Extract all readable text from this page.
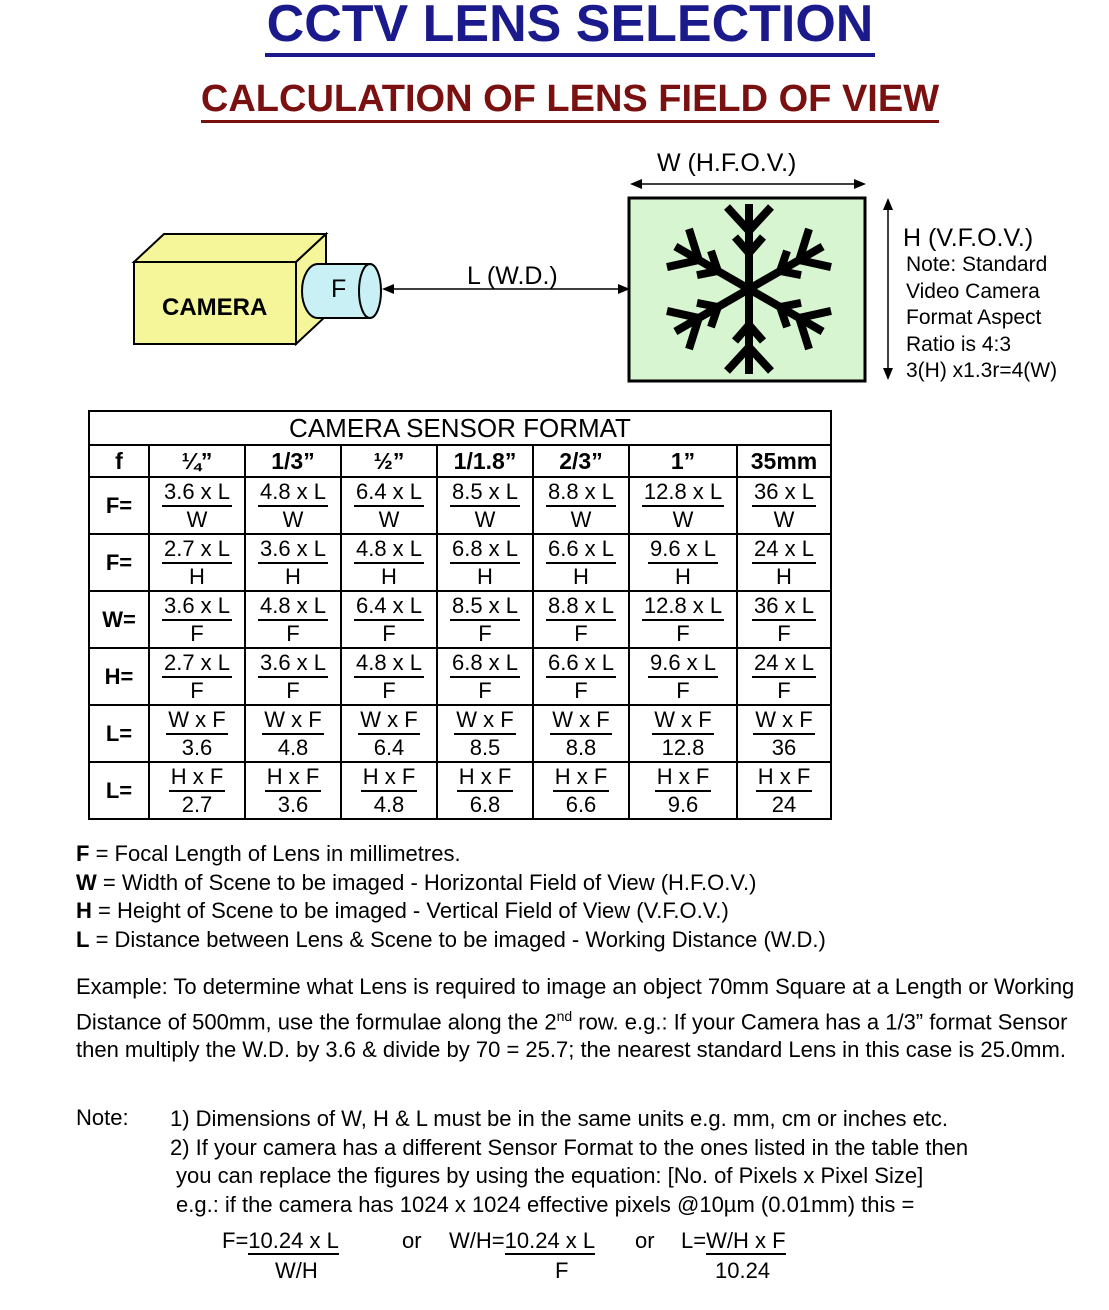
CCTV LENS SELECTION
CALCULATION OF LENS FIELD OF VIEW
CAMERA
F	L (W.D.)
W (H.F.O.V.)
H (V.F.O.V.)
Note: Standard
Video Camera
Format Aspect
Ratio is 4:3
3(H) x1.3r=4(W)
CAMERA SENSOR FORMAT							
f	¼”	1/3”	½”	1/1.8”	2/3”	1”	35mm
F=	$\frac{\text{3.6 x L}}{W}$	$\frac{\text{4.8 x L}}{W}$	$\frac{\text{6.4 x L}}{W}$	$\frac{\text{8.5 x L}}{W}$	$\frac{\text{8.8 x L}}{W}$	$\frac{\text{12.8 x L}}{W}$	$\frac{\text{36 x L}}{W}$

F=	$\frac{\text{2.7 x L}}{H}$	$\frac{\text{3.6 x L}}{H}$	$\frac{\text{4.8 x L}}{H}$	$\frac{\text{6.8 x L}}{H}$	$\frac{\text{6.6 x L}}{H}$	$\frac{\text{9.6 x L}}{H}$	$\frac{\text{24 x L}}{H}$

W=	$\frac{\text{3.6 x L}}{F}$	$\frac{\text{4.8 x L}}{F}$	$\frac{\text{6.4 x L}}{F}$	$\frac{\text{8.5 x L}}{F}$	$\frac{\text{8.8 x L}}{F}$	$\frac{\text{12.8 x L}}{F}$	$\frac{\text{36 x L}}{F}$

H=	$\frac{\text{2.7 x L}}{F}$	$\frac{\text{3.6 x L}}{F}$	$\frac{\text{4.8 x L}}{F}$	$\frac{\text{6.8 x L}}{F}$	$\frac{\text{6.6 x L}}{F}$	$\frac{\text{9.6 x L}}{F}$	$\frac{\text{24 x L}}{F}$

L=	$\frac{\text{W x F}}{3.6}$	$\frac{\text{W x F}}{4.8}$	$\frac{\text{W x F}}{6.4}$	$\frac{\text{W x F}}{8.5}$	$\frac{\text{W x F}}{8.8}$	$\frac{\text{W x F}}{12.8}$	$\frac{\text{W x F}}{36}$

L=	$\frac{\text{H x F}}{2.7}$	$\frac{\text{H x F}}{3.6}$	$\frac{\text{H x F}}{4.8}$	$\frac{\text{H x F}}{6.8}$	$\frac{\text{H x F}}{6.6}$	$\frac{\text{H x F}}{9.6}$	$\frac{\text{H x F}}{24}$
F = Focal Length of Lens in millimetres.
W = Width of Scene to be imaged - Horizontal Field of View (H.F.O.V.)
H = Height of Scene to be imaged - Vertical Field of View (V.F.O.V.)
L = Distance between Lens & Scene to be imaged - Working Distance (W.D.)
Example: To determine what Lens is required to image an object 70mm Square at a Length or Working Distance of 500mm, use the formulae along the 2nd row. e.g.: If your Camera has a 1/3” format Sensor then multiply the W.D. by 3.6 & divide by 70 = 25.7; the nearest standard Lens in this case is 25.0mm.
Note: 1) Dimensions of W, H & L must be in the same units e.g. mm, cm or inches etc.
2) If your camera has a different Sensor Format to the ones listed in the table then
you can replace the figures by using the equation: [No. of Pixels x Pixel Size]
e.g.: if the camera has 1024 x 1024 effective pixels @10µm (0.01mm) this =
F=10.24 x L
W/H
or W/H=10.24 x L
F
or L=W/H x F
10.24
